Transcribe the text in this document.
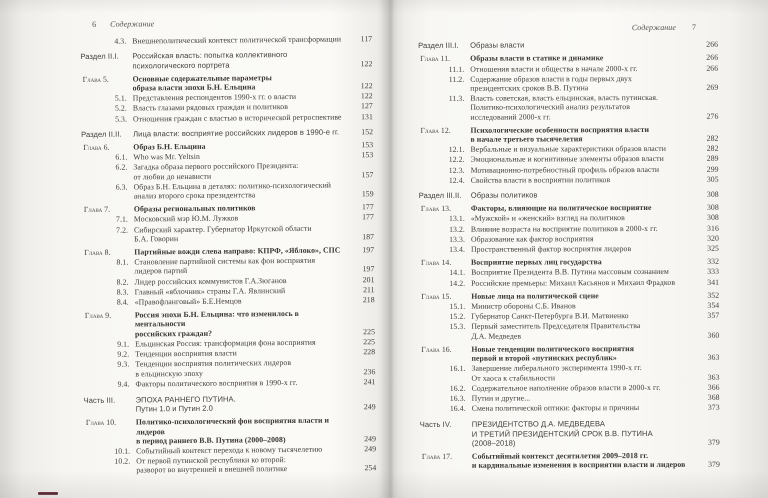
6 Содержание
4.3. Внешнеполитический контекст политической трансформации	117
Раздел II.I.	Российская власть: попытка коллективного
психологического портрета	122
Глава 5.	Основные содержательные параметры
образа власти эпохи Б.Н. Ельцина	122
5.1. Представления респондентов 1990-х гг. о власти	122
5.2. Власть глазами рядовых граждан и политиков	127
5.3. Отношения граждан с властью в исторической ретроспективе	131
Раздел II.II.	Лица власти: восприятие российских лидеров в 1990-е гг.	152
Глава 6.	Образ Б.Н. Ельцина	153
6.1. Who was Mr. Yeltsin	153
6.2. Загадка образа первого российского Президента:
от любви до ненависти	157
6.3. Образ Б.Н. Ельцина в деталях: политико-психологический
анализ второго срока президентства	159
Глава 7.	Образы региональных политиков	177
7.1. Московский мэр Ю.М. Лужков	177
7.2. Сибирский характер. Губернатор Иркутской области
Б.А. Говорин	187
Глава 8.	Партийные вожди слева направо: КПРФ, «Яблоко», СПС	197
8.1. Становление партийной системы как фон восприятия
лидеров партий	197
8.2. Лидер российских коммунистов Г.А.Зюганов	201
8.3. Главный «яблочник» страны Г.А. Явлинский	211
8.4. «Правофланговый» Б.Е.Немцов	218
Глава 9.	Россия эпохи Б.Н. Ельцина: что изменилось в ментальности
российских граждан?	225
9.1. Ельцинская Россия: трансформация фона восприятия	225
9.2. Тенденции восприятия власти	228
9.3. Тенденции восприятия политических лидеров
в ельцинскую эпоху	236
9.4. Факторы политического восприятия в 1990-х гг.	241
Часть III.	ЭПОХА РАННЕГО ПУТИНА.
Путин 1.0 и Путин 2.0	249
Глава 10.	Политико-психологический фон восприятия власти и лидеров
в период раннего В.В. Путина (2000–2008)	249
10.1. Событийный контекст перехода к новому тысячелетию	249
10.2. От первой путинской республики ко второй:
разворот во внутренней и внешней политике	254
Содержание 7
Раздел III.I.	Образы власти	266
Глава 11.	Образы власти в статике и динамике	266
11.1. Отношения власти и общества в начале 2000-х гг.	266
11.2. Содержание образов власти в годы первых двух
президентских сроков В.В. Путина	269
11.3. Власть советская, власть ельцинская, власть путинская.
Политико-психологический анализ результатов
исследований 2000-х гг.	276
Глава 12.	Психологические особенности восприятия власти
в начале третьего тысячелетия	282
12.1. Вербальные и визуальные характеристики образов власти	282
12.2. Эмоциональные и когнитивные элементы образов власти	289
12.3. Мотивационно-потребностный профиль образов власти	299
12.4. Свойства власти в восприятии политиков	305
Раздел III.II.	Образы политиков	308
Глава 13.	Факторы, влияющие на политическое восприятие	308
13.1. «Мужской» и «женский» взгляд на политиков	308
13.2. Влияние возраста на восприятие политиков в 2000-х гг.	316
13.3. Образование как фактор восприятия	320
13.4. Пространственный фактор восприятия лидеров	325
Глава 14.	Восприятие первых лиц государства	332
14.1. Восприятие Президента В.В. Путина массовым сознанием	333
14.2. Российские премьеры: Михаил Касьянов и Михаил Фрадков	341
Глава 15.	Новые лица на политической сцене	352
15.1. Министр обороны С.Б. Иванов	354
15.2. Губернатор Санкт-Петербурга В.И. Матвиенко	357
15.3. Первый заместитель Председателя Правительства
Д.А. Медведев	360
Глава 16.	Новые тенденции политического восприятия
первой и второй «путинских республик»	363
16.1. Завершение либерального эксперимента 1990-х гг.
От хаоса к стабильности	363
16.2. Содержательное наполнение образов власти в 2000-х гг.	366
16.3. Путин и другие...	368
16.4. Смена политической оптики: факторы и причины	373
Часть IV.	ПРЕЗИДЕНТСТВО Д.А. МЕДВЕДЕВА
И ТРЕТИЙ ПРЕЗИДЕНТСКИЙ СРОК В.В. ПУТИНА
(2008–2018)	379
Глава 17.	Событийный контекст десятилетия 2009–2018 гг.
и кардинальные изменения в восприятии власти и лидеров	379
